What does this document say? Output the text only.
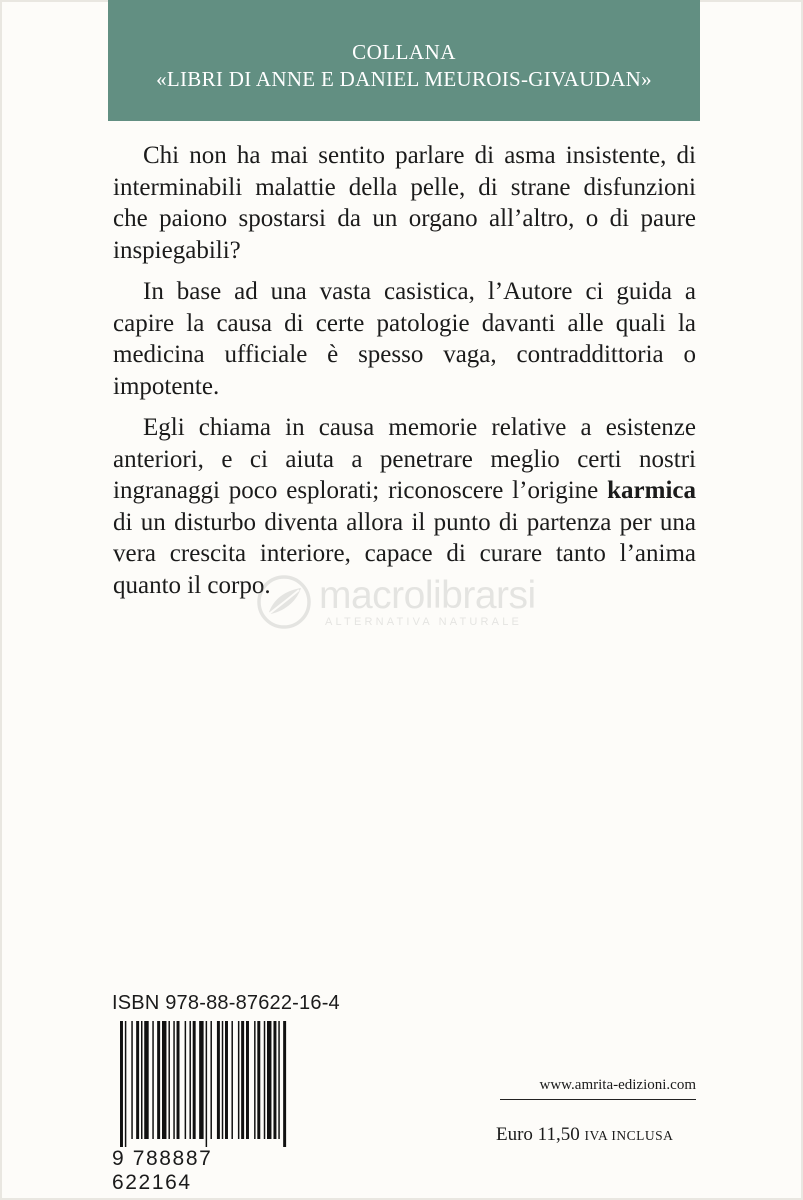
COLLANA
«LIBRI DI ANNE E DANIEL MEUROIS-GIVAUDAN»

Chi non ha mai sentito parlare di asma insistente, di interminabili malattie della pelle, di strane disfunzioni che paiono spostarsi da un organo all’altro, o di paure inspiegabili?

In base ad una vasta casistica, l’Autore ci guida a capire la causa di certe patologie davanti alle quali la medicina ufficiale è spesso vaga, contraddittoria o impotente.

Egli chiama in causa memorie relative a esistenze anteriori, e ci aiuta a penetrare meglio certi nostri ingranaggi poco esplorati; riconoscere l’origine karmica di un disturbo diventa allora il punto di partenza per una vera crescita interiore, capace di curare tanto l’anima quanto il corpo.	macrolibrarsi
ALTERNATIVA NATURALE
ISBN 978-88-87622-16-4
9 788887 622164
www.amrita-edizioni.com
Euro 11,50 IVA INCLUSA
